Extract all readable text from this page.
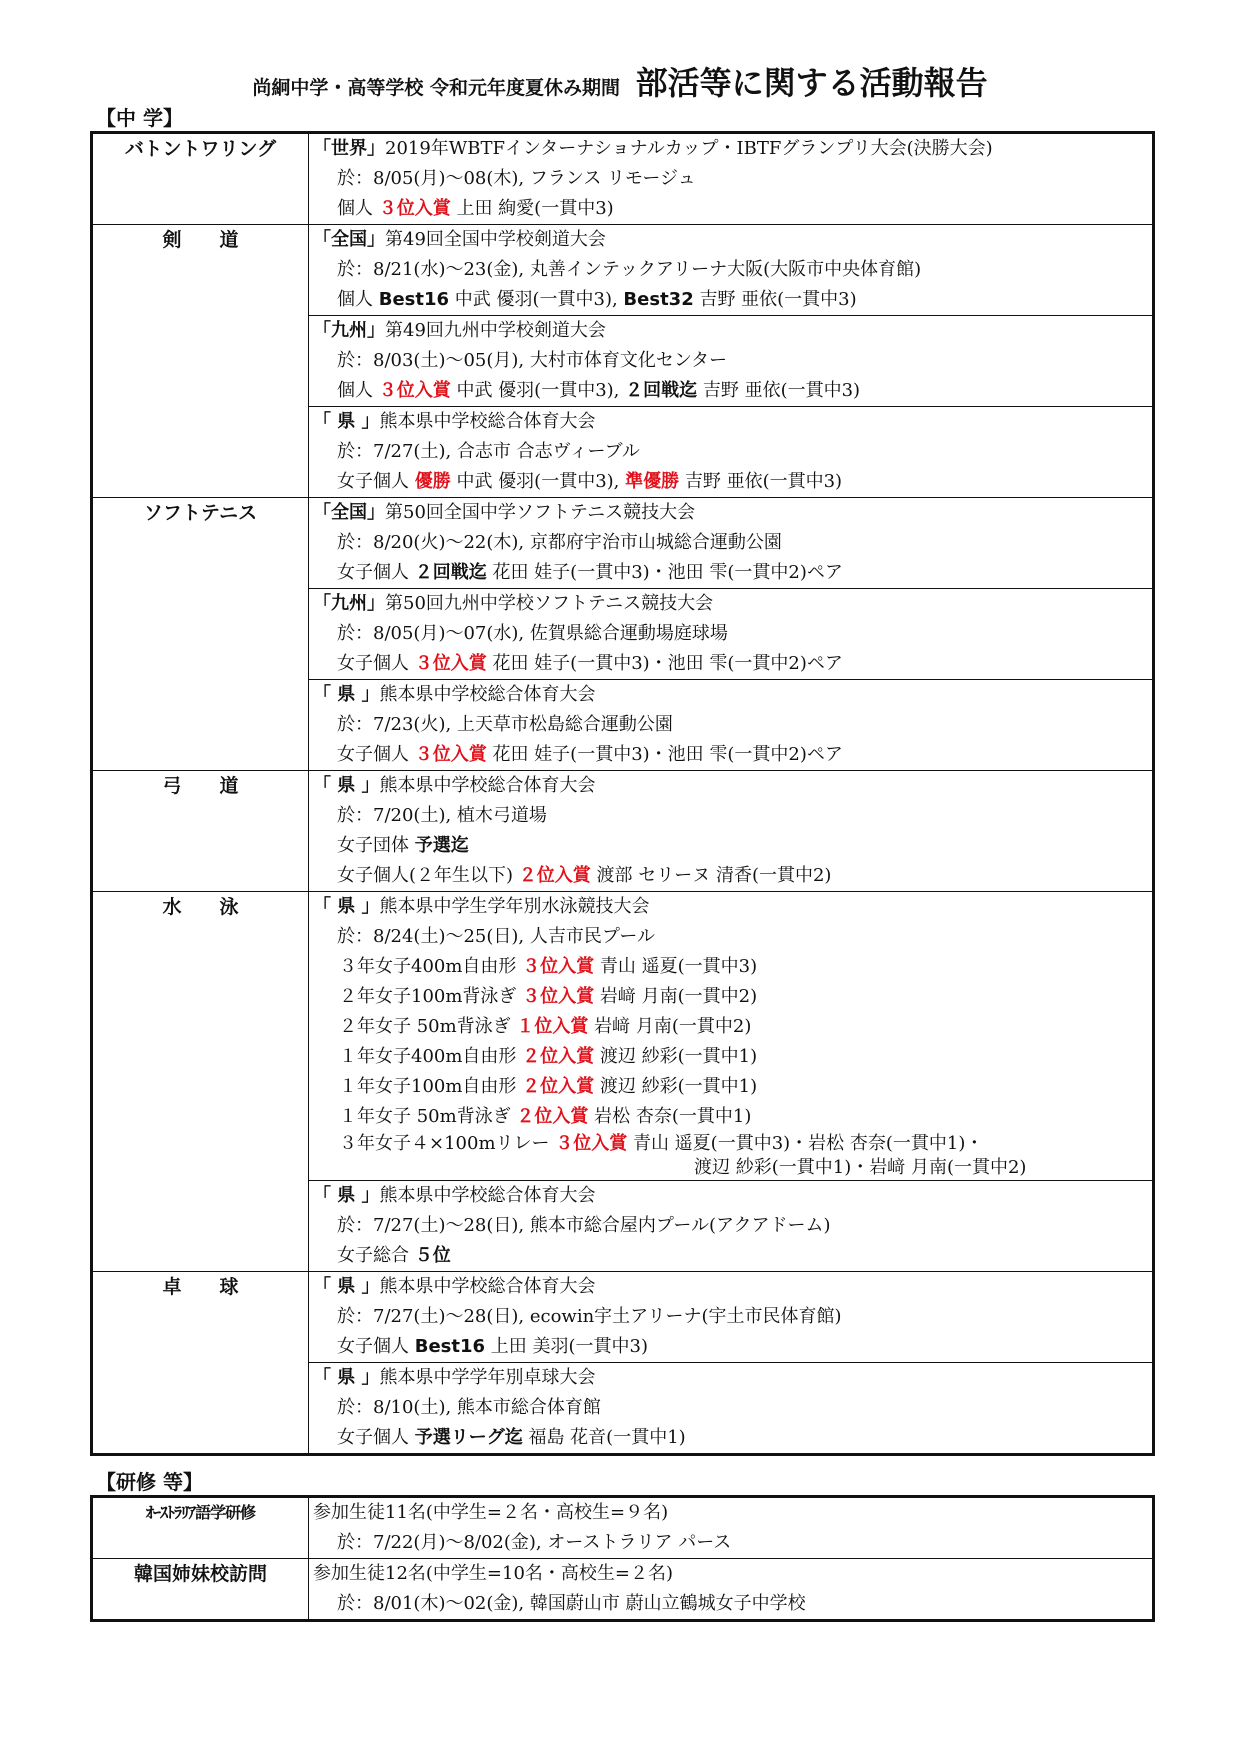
尚絅中学・高等学校 令和元年度夏休み期間 部活等に関する活動報告
【中 学】
バトントワリング	「世界」2019年WBTFインターナショナルカップ・IBTFグランプリ大会(決勝大会)
於：8/05(月)～08(木), フランス リモージュ
個人 ３位入賞 上田 絢愛(一貫中3)
剣　　道	「全国」第49回全国中学校剣道大会
於：8/21(水)～23(金), 丸善インテックアリーナ大阪(大阪市中央体育館)
個人 Best16 中武 優羽(一貫中3), Best32 吉野 亜依(一貫中3)
「九州」第49回九州中学校剣道大会
於：8/03(土)～05(月), 大村市体育文化センター
個人 ３位入賞 中武 優羽(一貫中3), ２回戦迄 吉野 亜依(一貫中3)
「 県 」熊本県中学校総合体育大会
於：7/27(土), 合志市 合志ヴィーブル
女子個人 優勝 中武 優羽(一貫中3), 準優勝 吉野 亜依(一貫中3)
ソフトテニス	「全国」第50回全国中学ソフトテニス競技大会
於：8/20(火)～22(木), 京都府宇治市山城総合運動公園
女子個人 ２回戦迄 花田 娃子(一貫中3)・池田 雫(一貫中2)ペア
「九州」第50回九州中学校ソフトテニス競技大会
於：8/05(月)～07(水), 佐賀県総合運動場庭球場
女子個人 ３位入賞 花田 娃子(一貫中3)・池田 雫(一貫中2)ペア
「 県 」熊本県中学校総合体育大会
於：7/23(火), 上天草市松島総合運動公園
女子個人 ３位入賞 花田 娃子(一貫中3)・池田 雫(一貫中2)ペア
弓　　道	「 県 」熊本県中学校総合体育大会
於：7/20(土), 植木弓道場
女子団体 予選迄
女子個人(２年生以下) ２位入賞 渡部 セリーヌ 清香(一貫中2)
水　　泳	「 県 」熊本県中学生学年別水泳競技大会
於：8/24(土)～25(日), 人吉市民プール
３年女子400m自由形 ３位入賞 青山 遥夏(一貫中3)
２年女子100m背泳ぎ ３位入賞 岩﨑 月南(一貫中2)
２年女子 50m背泳ぎ １位入賞 岩﨑 月南(一貫中2)
１年女子400m自由形 ２位入賞 渡辺 紗彩(一貫中1)
１年女子100m自由形 ２位入賞 渡辺 紗彩(一貫中1)
１年女子 50m背泳ぎ ２位入賞 岩松 杏奈(一貫中1)
３年女子４×100mリレー ３位入賞 青山 遥夏(一貫中3)・岩松 杏奈(一貫中1)・
渡辺 紗彩(一貫中1)・岩﨑 月南(一貫中2)
「 県 」熊本県中学校総合体育大会
於：7/27(土)～28(日), 熊本市総合屋内プール(アクアドーム)
女子総合 ５位
卓　　球	「 県 」熊本県中学校総合体育大会
於：7/27(土)～28(日), ecowin宇土アリーナ(宇土市民体育館)
女子個人 Best16 上田 美羽(一貫中3)
「 県 」熊本県中学学年別卓球大会
於：8/10(土), 熊本市総合体育館
女子個人 予選リーグ迄 福島 花音(一貫中1)
【研修 等】
ｵｰｽﾄﾗﾘｱ語学研修	参加生徒11名(中学生=２名・高校生=９名)
於：7/22(月)～8/02(金), オーストラリア パース
韓国姉妹校訪問	参加生徒12名(中学生=10名・高校生=２名)
於：8/01(木)～02(金), 韓国蔚山市 蔚山立鶴城女子中学校
